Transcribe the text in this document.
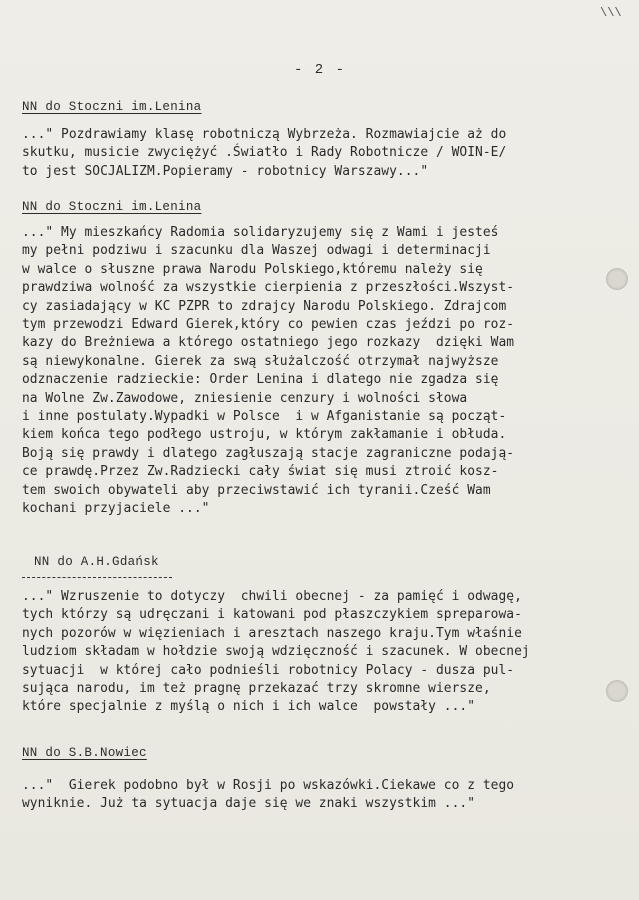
\\\
- 2 -
NN do Stoczni im.Lenina
..." Pozdrawiamy klasę robotniczą Wybrzeża. Rozmawiajcie aż do
skutku, musicie zwyciężyć .Światło i Rady Robotnicze / WOIN-E/
to jest SOCJALIZM.Popieramy - robotnicy Warszawy..."
NN do Stoczni im.Lenina
..." My mieszkańcy Radomia solidaryzujemy się z Wami i jesteś
my pełni podziwu i szacunku dla Waszej odwagi i determinacji
w walce o słuszne prawa Narodu Polskiego,któremu należy się
prawdziwa wolność za wszystkie cierpienia z przeszłości.Wszyst-
cy zasiadający w KC PZPR to zdrajcy Narodu Polskiego. Zdrajcom
tym przewodzi Edward Gierek,który co pewien czas jeździ po roz-
kazy do Breżniewa a którego ostatniego jego rozkazy  dzięki Wam
są niewykonalne. Gierek za swą służalczość otrzymał najwyższe
odznaczenie radzieckie: Order Lenina i dlatego nie zgadza się
na Wolne Zw.Zawodowe, zniesienie cenzury i wolności słowa
i inne postulaty.Wypadki w Polsce  i w Afganistanie są począt-
kiem końca tego podłego ustroju, w którym zakłamanie i obłuda.
Boją się prawdy i dlatego zagłuszają stacje zagraniczne podają-
ce prawdę.Przez Zw.Radziecki cały świat się musi ztroić kosz-
tem swoich obywateli aby przeciwstawić ich tyranii.Cześć Wam
kochani przyjaciele ..."
NN do A.H.Gdańsk
..." Wzruszenie to dotyczy  chwili obecnej - za pamięć i odwagę,
tych którzy są udręczani i katowani pod płaszczykiem spreparowa-
nych pozorów w więzieniach i aresztach naszego kraju.Tym właśnie
ludziom składam w hołdzie swoją wdzięczność i szacunek. W obecnej
sytuacji  w której cało podnieśli robotnicy Polacy - dusza pul-
sująca narodu, im też pragnę przekazać trzy skromne wiersze,
które specjalnie z myślą o nich i ich walce  powstały ..."
NN do S.B.Nowiec
..."  Gierek podobno był w Rosji po wskazówki.Ciekawe co z tego
wyniknie. Już ta sytuacja daje się we znaki wszystkim ..."
